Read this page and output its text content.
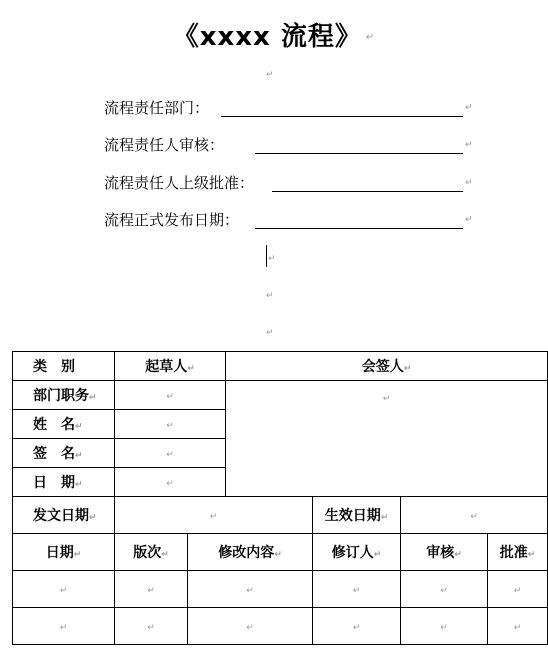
《xxxx 流程》 ↵
↵
流程责任部门：	↵
流程责任人审核：	↵
流程责任人上级批准：	↵
流程正式发布日期：	↵
↵
↵
↵
类　别	起草人↵		会签人↵			
部门职务↵	↵		↵			
姓　名↵	↵					
签　名↵	↵					
日　期↵	↵					
发文日期↵	↵			生效日期↵	↵	
日期↵	版次↵	修改内容↵		修订人↵	审核↵	批准↵
↵	↵	↵		↵	↵	↵
↵	↵	↵		↵	↵	↵
